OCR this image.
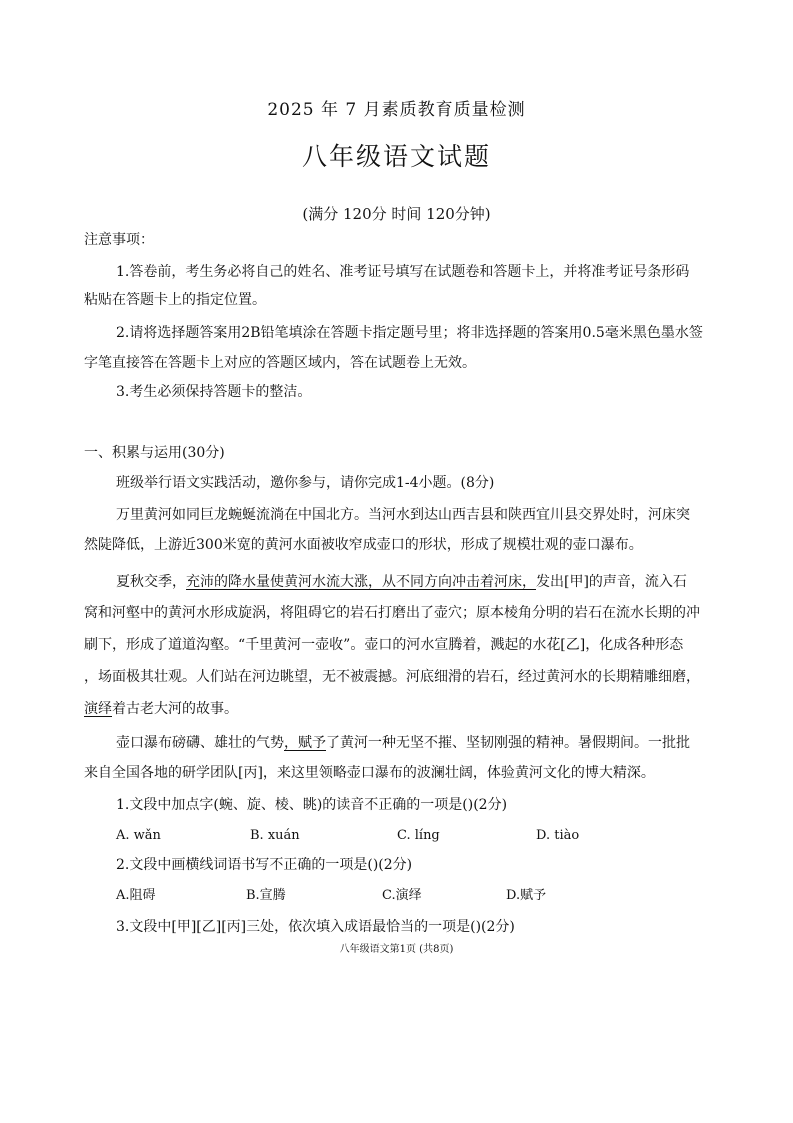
2025 年 7 月素质教育质量检测
八年级语文试题
(满分 120分 时间 120分钟)
注意事项：
1.答卷前，考生务必将自己的姓名、准考证号填写在试题卷和答题卡上，并将准考证号条形码
粘贴在答题卡上的指定位置。
2.请将选择题答案用2B铅笔填涂在答题卡指定题号里；将非选择题的答案用0.5毫米黑色墨水签
字笔直接答在答题卡上对应的答题区域内，答在试题卷上无效。
3.考生必须保持答题卡的整洁。
一、积累与运用(30分)
班级举行语文实践活动，邀你参与，请你完成1-4小题。(8分)
万里黄河如同巨龙蜿蜒流淌在中国北方。当河水到达山西吉县和陕西宜川县交界处时，河床突
然陡降低，上游近300米宽的黄河水面被收窄成壶口的形状，形成了规模壮观的壶口瀑布。
夏秋交季，充沛的降水量使黄河水流大涨，从不同方向冲击着河床，发出[甲]的声音，流入石
窝和河壑中的黄河水形成旋涡，将阻碍它的岩石打磨出了壶穴；原本棱角分明的岩石在流水长期的冲
刷下，形成了道道沟壑。“千里黄河一壶收”。壶口的河水宣腾着，溅起的水花[乙]，化成各种形态
，场面极其壮观。人们站在河边眺望，无不被震撼。河底细滑的岩石，经过黄河水的长期精雕细磨，
演绎着古老大河的故事。
壶口瀑布磅礴、雄壮的气势，赋予了黄河一种无坚不摧、坚韧刚强的精神。暑假期间。一批批
来自全国各地的研学团队[丙]，来这里领略壶口瀑布的波澜壮阔，体验黄河文化的博大精深。
1.文段中加点字(蜿、旋、棱、眺)的读音不正确的一项是()(2分)
A. wǎn	B. xuán	C. líng	D. tiào
2.文段中画横线词语书写不正确的一项是()(2分)
A.阻碍	B.宣腾	C.演绎	D.赋予
3.文段中[甲][乙][丙]三处，依次填入成语最恰当的一项是()(2分)
八年级语文第1页 (共8页)
